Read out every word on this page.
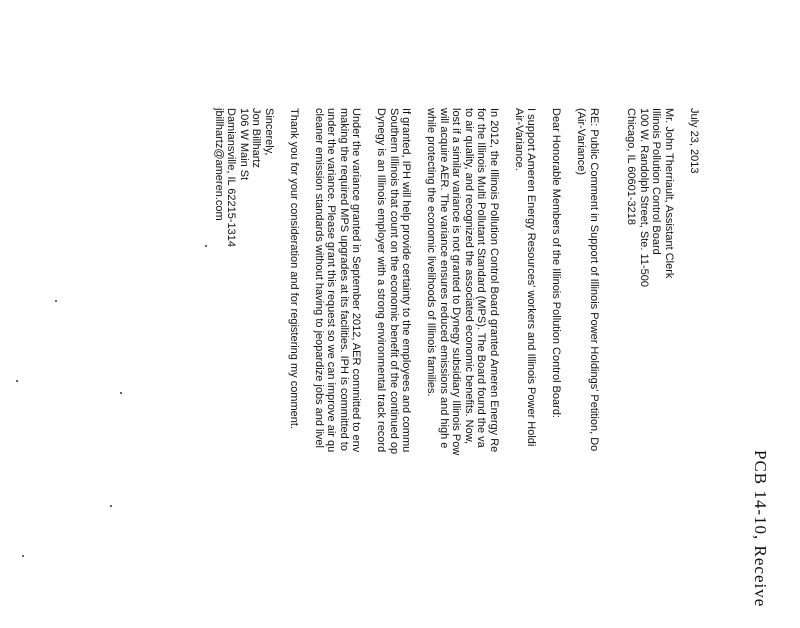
PCB 14-10, Receive
July 23, 2013
Mr. John Therriault, Assistant Clerk
Illinois Pollution Control Board
100 W. Randolph Street, Ste. 11-500
Chicago, IL 60601-3218
RE: Public Comment in Support of Illinois Power Holdings' Petition, Do
(Air-Variance)
Dear Honorable Members of the Illinois Pollution Control Board:
I support Ameren Energy Resources' workers and Illinois Power Holdi
Air-Variance.
In 2012, the Illinois Pollution Control Board granted Ameren Energy Re
for the Illinois Multi Pollutant Standard (MPS). The Board found the va
to air quality, and recognized the associated economic benefits. Now,
lost if a similar variance is not granted to Dynegy subsidiary Illinois Pow
will acquire AER. The variance ensures reduced emissions and high e
while protecting the economic livelihoods of Illinois families.
If granted, IPH will help provide certainty to the employees and commu
Southern Illinois that count on the economic benefit of the continued op
Dynegy is an Illinois employer with a strong environmental track record
Under the variance granted in September 2012, AER committed to env
making the required MPS upgrades at its facilities. IPH is committed to
under the variance. Please grant this request so we can improve air qu
cleaner emission standards without having to jeopardize jobs and livel
Thank you for your consideration and for registering my comment.
Sincerely,
Jon Billhartz
106 W Main St
Damiansville, IL 62215-1314
jbillhartz@ameren.com
